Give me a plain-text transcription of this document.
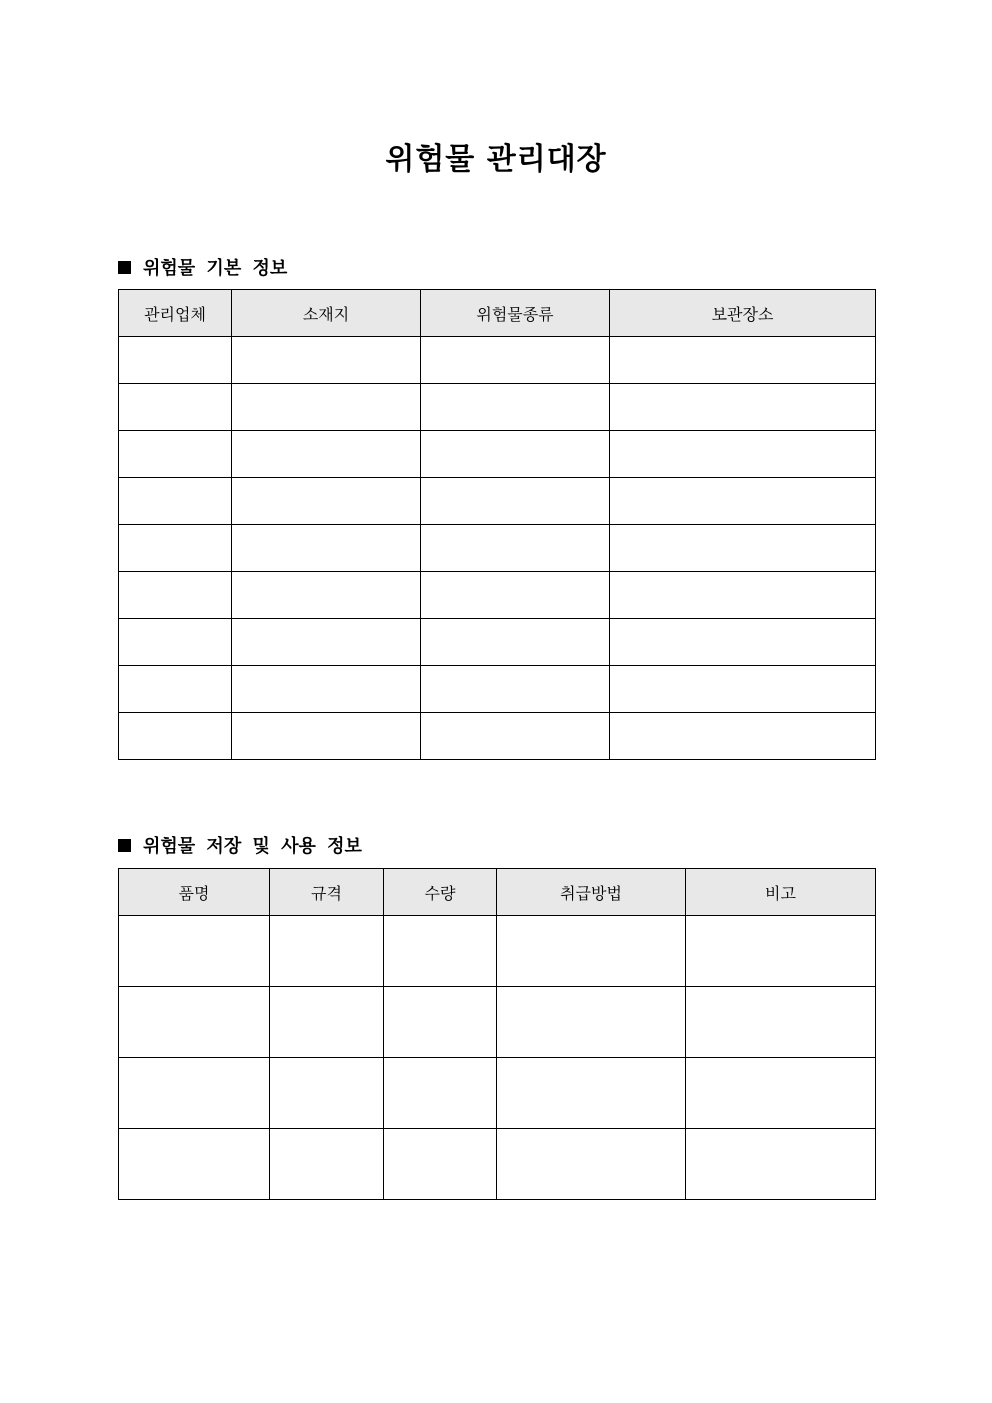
위험물 관리대장
위험물 기본 정보
관리업체	소재지	위험물종류	보관장소

위험물 저장 및 사용 정보
품명	규격	수량	취급방법	비고
